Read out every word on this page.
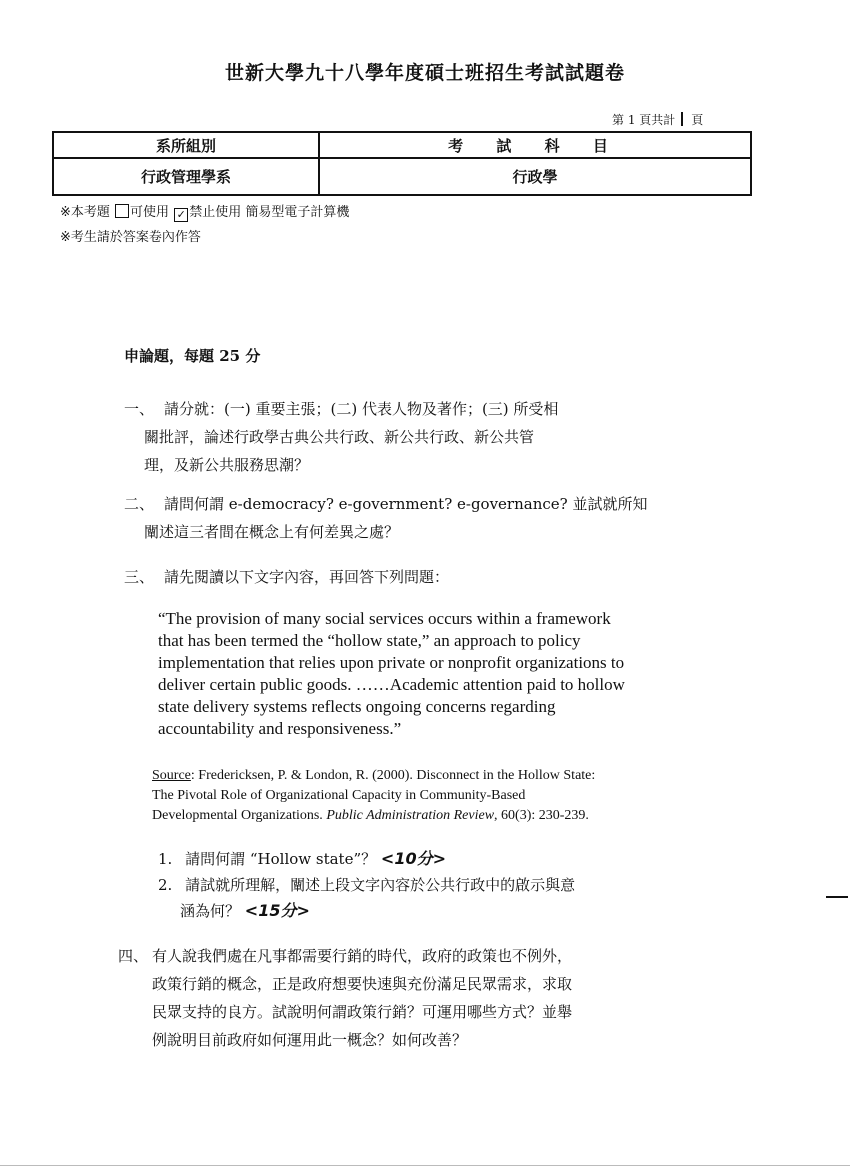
世新大學九十八學年度碩士班招生考試試題卷
第 1 頁共計 頁
系所組別	考 試 科 目
行政管理學系	行政學
※本考題 可使用 ✓ 禁止使用 簡易型電子計算機
※考生請於答案卷內作答
申論題，每題 25 分
一、 請分就：(一) 重要主張；(二) 代表人物及著作；(三) 所受相
關批評，論述行政學古典公共行政、新公共行政、新公共管
理，及新公共服務思潮？
二、 請問何謂 e-democracy? e-government? e-governance? 並試就所知
闡述這三者間在概念上有何差異之處？
三、 請先閱讀以下文字內容，再回答下列問題：
“The provision of many social services occurs within a framework
that has been termed the “hollow state,” an approach to policy
implementation that relies upon private or nonprofit organizations to
deliver certain public goods. ……Academic attention paid to hollow
state delivery systems reflects ongoing concerns regarding
accountability and responsiveness.”
Source: Fredericksen, P. & London, R. (2000). Disconnect in the Hollow State:
The Pivotal Role of Organizational Capacity in Community-Based
Developmental Organizations. Public Administration Review, 60(3): 230-239.
1. 請問何謂 “Hollow state”？ <10分>
2. 請試就所理解，闡述上段文字內容於公共行政中的啟示與意
涵為何？ <15分>
四、 有人說我們處在凡事都需要行銷的時代，政府的政策也不例外，
政策行銷的概念，正是政府想要快速與充份滿足民眾需求，求取
民眾支持的良方。試說明何謂政策行銷？可運用哪些方式？並舉
例說明目前政府如何運用此一概念？如何改善？
